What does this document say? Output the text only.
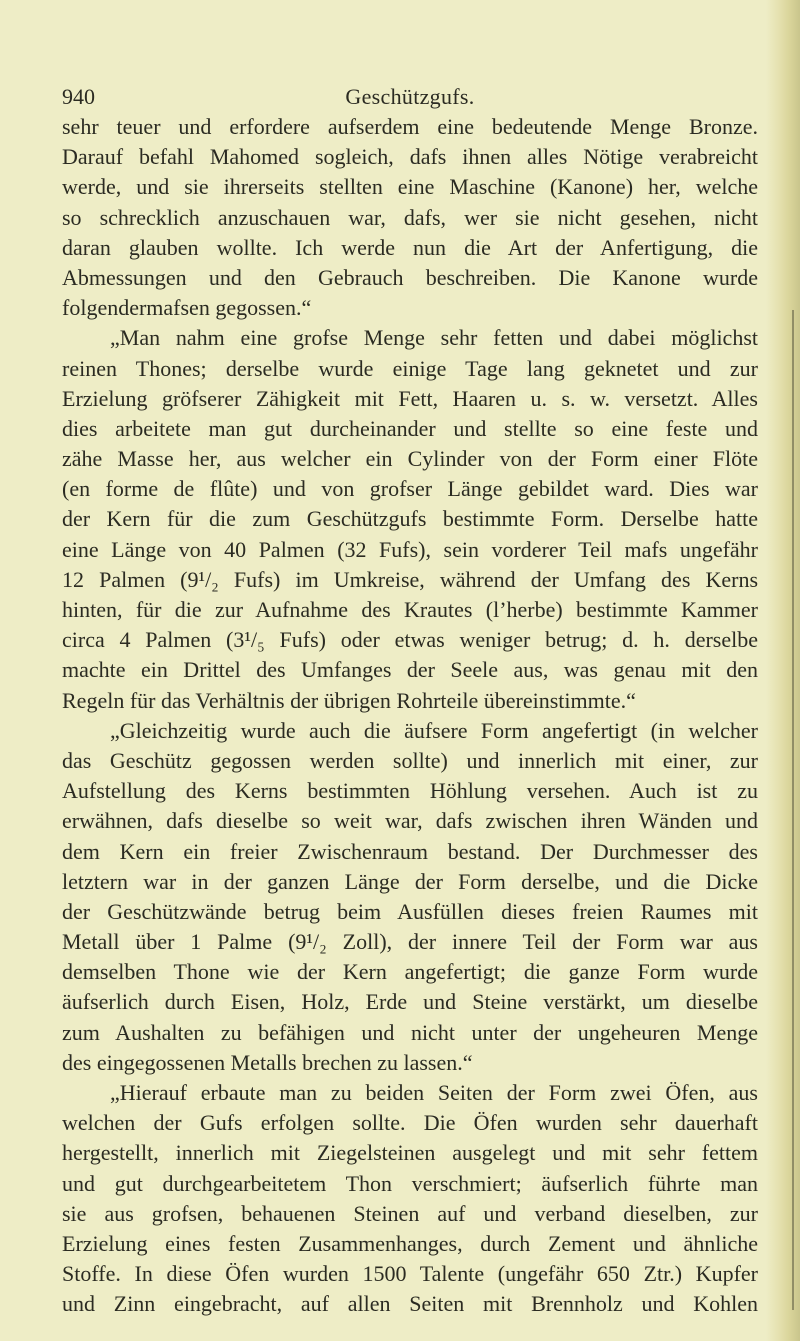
940	Geschützgufs.
sehr teuer und erfordere aufserdem eine bedeutende Menge Bronze.
Darauf befahl Mahomed sogleich, dafs ihnen alles Nötige verabreicht
werde, und sie ihrerseits stellten eine Maschine (Kanone) her, welche
so schrecklich anzuschauen war, dafs, wer sie nicht gesehen, nicht
daran glauben wollte. Ich werde nun die Art der Anfertigung, die
Abmessungen und den Gebrauch beschreiben. Die Kanone wurde
folgendermafsen gegossen.“
„Man nahm eine grofse Menge sehr fetten und dabei möglichst
reinen Thones; derselbe wurde einige Tage lang geknetet und zur
Erzielung gröfserer Zähigkeit mit Fett, Haaren u. s. w. versetzt. Alles
dies arbeitete man gut durcheinander und stellte so eine feste und
zähe Masse her, aus welcher ein Cylinder von der Form einer Flöte
(en forme de flûte) und von grofser Länge gebildet ward. Dies war
der Kern für die zum Geschützgufs bestimmte Form. Derselbe hatte
eine Länge von 40 Palmen (32 Fufs), sein vorderer Teil mafs ungefähr
12 Palmen (9¹/₂ Fufs) im Umkreise, während der Umfang des Kerns
hinten, für die zur Aufnahme des Krautes (l’herbe) bestimmte Kammer
circa 4 Palmen (3¹/₅ Fufs) oder etwas weniger betrug; d. h. derselbe
machte ein Drittel des Umfanges der Seele aus, was genau mit den
Regeln für das Verhältnis der übrigen Rohrteile übereinstimmte.“
„Gleichzeitig wurde auch die äufsere Form angefertigt (in welcher
das Geschütz gegossen werden sollte) und innerlich mit einer, zur
Aufstellung des Kerns bestimmten Höhlung versehen. Auch ist zu
erwähnen, dafs dieselbe so weit war, dafs zwischen ihren Wänden und
dem Kern ein freier Zwischenraum bestand. Der Durchmesser des
letztern war in der ganzen Länge der Form derselbe, und die Dicke
der Geschützwände betrug beim Ausfüllen dieses freien Raumes mit
Metall über 1 Palme (9¹/₂ Zoll), der innere Teil der Form war aus
demselben Thone wie der Kern angefertigt; die ganze Form wurde
äufserlich durch Eisen, Holz, Erde und Steine verstärkt, um dieselbe
zum Aushalten zu befähigen und nicht unter der ungeheuren Menge
des eingegossenen Metalls brechen zu lassen.“
„Hierauf erbaute man zu beiden Seiten der Form zwei Öfen, aus
welchen der Gufs erfolgen sollte. Die Öfen wurden sehr dauerhaft
hergestellt, innerlich mit Ziegelsteinen ausgelegt und mit sehr fettem
und gut durchgearbeitetem Thon verschmiert; äufserlich führte man
sie aus grofsen, behauenen Steinen auf und verband dieselben, zur
Erzielung eines festen Zusammenhanges, durch Zement und ähnliche
Stoffe. In diese Öfen wurden 1500 Talente (ungefähr 650 Ztr.) Kupfer
und Zinn eingebracht, auf allen Seiten mit Brennholz und Kohlen
